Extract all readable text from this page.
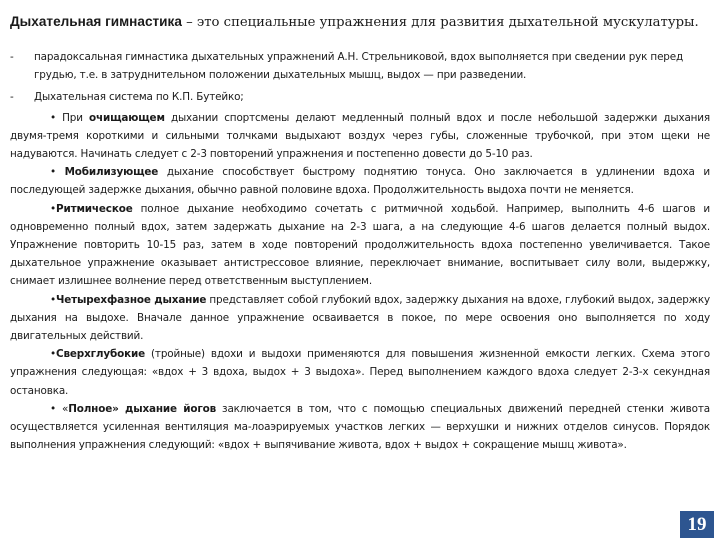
Дыхательная гимнастика – это специальные упражнения для развития дыхательной мускулатуры.

- парадоксальная гимнастика дыхательных упражнений А.Н. Стрельниковой, вдох выполняется при сведении рук перед грудью, т.е. в затруднительном положении дыхательных мышц, выдох — при разведении.

- Дыхательная система по К.П. Бутейко;

• При очищающем дыхании спортсмены делают медленный полный вдох и после небольшой задержки дыхания двумя-тремя короткими и сильными толчками выдыхают воздух через губы, сложенные трубочкой, при этом щеки не надуваются. Начинать следует с 2-3 повторений упражнения и постепенно довести до 5-10 раз.

• Мобилизующее дыхание способствует быстрому поднятию тонуса. Оно заключается в удлинении вдоха и последующей задержке дыхания, обычно равной половине вдоха. Продолжительность выдоха почти не меняется.

•Ритмическое полное дыхание необходимо сочетать с ритмичной ходьбой. Например, выполнить 4-6 шагов и одновременно полный вдох, затем задержать дыхание на 2-3 шага, а на следующие 4-6 шагов делается полный выдох. Упражнение повторить 10-15 раз, затем в ходе повторений продолжительность вдоха постепенно увеличивается. Такое дыхательное упражнение оказывает антистрессовое влияние, переключает внимание, воспитывает силу воли, выдержку, снимает излишнее волнение перед ответственным выступлением.

•Четырехфазное дыхание представляет собой глубокий вдох, задержку дыхания на вдохе, глубокий выдох, задержку дыхания на выдохе. Вначале данное упражнение осваивается в покое, по мере освоения оно выполняется по ходу двигательных действий.

•Сверхглубокие (тройные) вдохи и выдохи применяются для повышения жизненной емкости легких. Схема этого упражнения следующая: «вдох + 3 вдоха, выдох + 3 выдоха». Перед выполнением каждого вдоха следует 2-3-х секундная остановка.

• «Полное» дыхание йогов заключается в том, что с помощью специальных движений передней стенки живота осуществляется усиленная вентиляция ма-лоаэрируемых участков легких — верхушки и нижних отделов синусов. Порядок выполнения упражнения следующий: «вдох + выпячивание живота, вдох + выдох + сокращение мышц живота».

19
